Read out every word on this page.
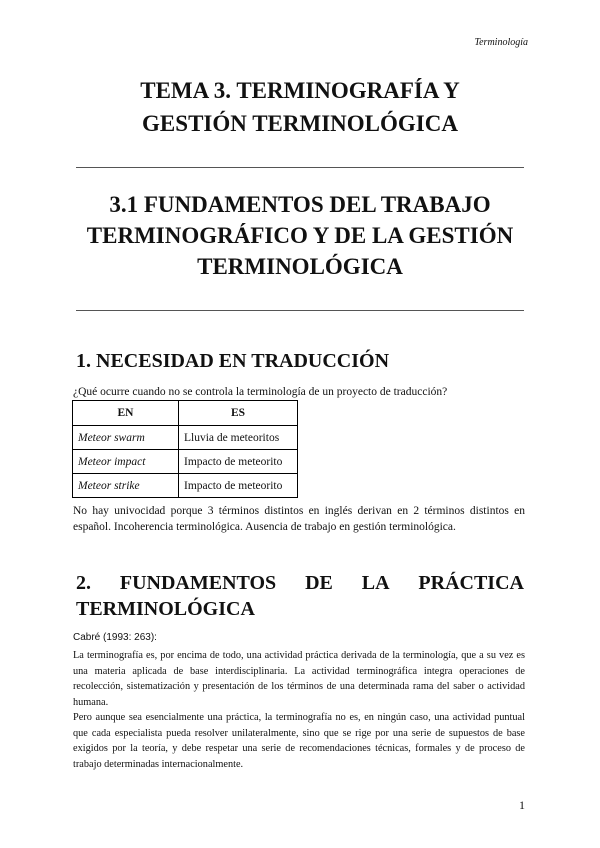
Terminología
TEMA 3. TERMINOGRAFÍA Y
GESTIÓN TERMINOLÓGICA
3.1 FUNDAMENTOS DEL TRABAJO
TERMINOGRÁFICO Y DE LA GESTIÓN
TERMINOLÓGICA
1. NECESIDAD EN TRADUCCIÓN
¿Qué ocurre cuando no se controla la terminología de un proyecto de traducción?
EN	ES
Meteor swarm	Lluvia de meteoritos
Meteor impact	Impacto de meteorito
Meteor strike	Impacto de meteorito

No hay univocidad porque 3 términos distintos en inglés derivan en 2 términos distintos en español. Incoherencia terminológica. Ausencia de trabajo en gestión terminológica.

2. FUNDAMENTOS DE LA PRÁCTICA
TERMINOLÓGICA
Cabré (1993: 263):
La terminografía es, por encima de todo, una actividad práctica derivada de la terminología, que a su vez es una materia aplicada de base interdisciplinaria. La actividad terminográfica integra operaciones de recolección, sistematización y presentación de los términos de una determinada rama del saber o actividad humana.
Pero aunque sea esencialmente una práctica, la terminografía no es, en ningún caso, una actividad puntual que cada especialista pueda resolver unilateralmente, sino que se rige por una serie de supuestos de base exigidos por la teoría, y debe respetar una serie de recomendaciones técnicas, formales y de proceso de trabajo determinadas internacionalmente.
1
